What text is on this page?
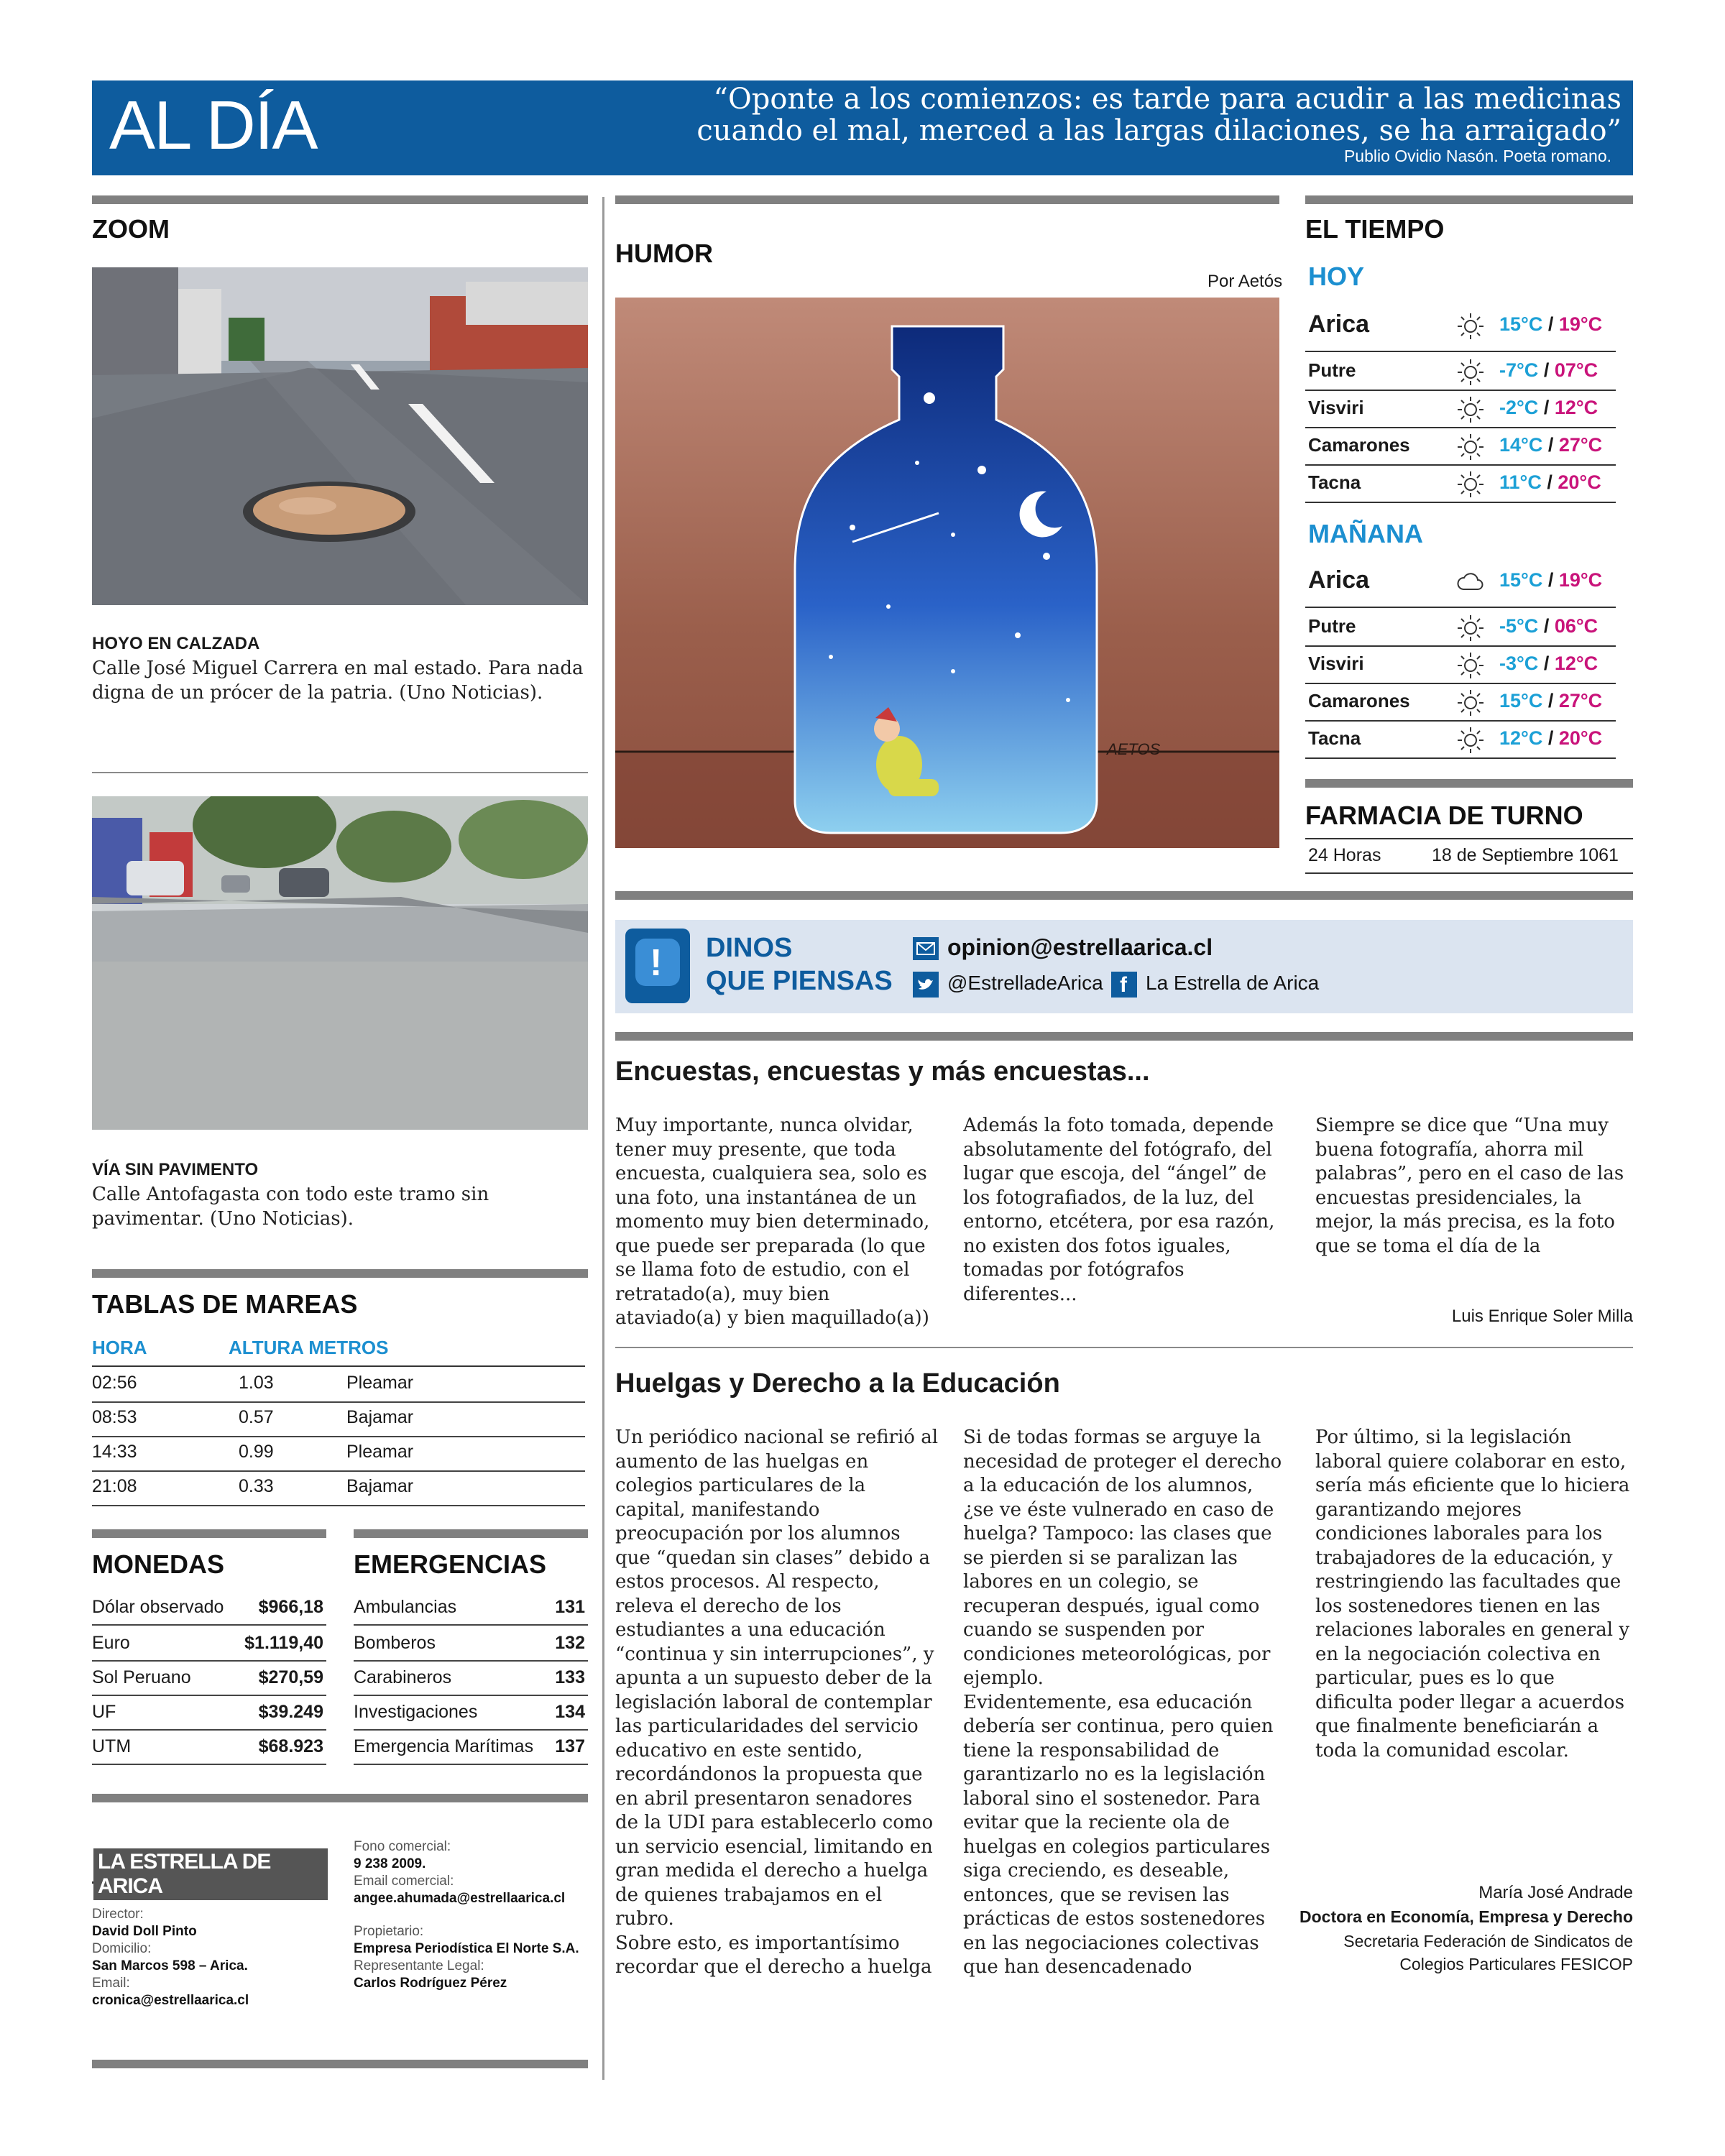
AL DÍA	“Oponte a los comienzos: es tarde para acudir a las medicinas cuando el mal, merced a las largas dilaciones, se ha arraigado”
Publio Ovidio Nasón. Poeta romano.
ZOOM
HOYO EN CALZADA
Calle José Miguel Carrera en mal estado. Para nada digna de un prócer de la patria. (Uno Noticias).
VÍA SIN PAVIMENTO
Calle Antofagasta con todo este tramo sin pavimentar. (Uno Noticias).
TABLAS DE MAREAS
HORA	ALTURA METROS
02:56	1.03	Pleamar
08:53	0.57	Bajamar
14:33	0.99	Pleamar
21:08	0.33	Bajamar
MONEDAS
Dólar observado $966,18
Euro	$1.119,40
Sol Peruano	$270,59
UF	$39.249
UTM	$68.923
EMERGENCIAS
Ambulancias	131
Bomberos	132
Carabineros	133
Investigaciones	134
Emergencia Marítimas 137
LA ESTRELLA DE ARICA
Director:
David Doll Pinto
Domicilio:
San Marcos 598 – Arica.
Email:
cronica@estrellaarica.cl
Fono comercial:
9 238 2009.
Email comercial:
angee.ahumada@estrellaarica.cl
Propietario:
Empresa Periodística El Norte S.A.
Representante Legal:
Carlos Rodríguez Pérez
HUMOR
Por Aetós
AETOS
EL TIEMPO
HOY
Arica	15°C / 19°C
Putre	-7°C / 07°C
Visviri	-2°C / 12°C
Camarones	14°C / 27°C
Tacna	11°C / 20°C
MAÑANA
Arica	15°C / 19°C
Putre	-5°C / 06°C
Visviri	-3°C / 12°C
Camarones	15°C / 27°C
Tacna	12°C / 20°C
FARMACIA DE TURNO
24 Horas	18 de Septiembre 1061
! DINOS
QUE PIENSAS
opinion@estrellaarica.cl
@EstrelladeArica f La Estrella de Arica
Encuestas, encuestas y más encuestas...
Muy importante, nunca olvidar, tener muy presente, que toda encuesta, cualquiera sea, solo es una foto, una instantánea de un momento muy bien determinado, que puede ser preparada (lo que se llama foto de estudio, con el retratado(a), muy bien ataviado(a) y bien maquillado(a))
Además la foto tomada, depende absolutamente del fotógrafo, del lugar que escoja, del “ángel” de los fotografiados, de la luz, del entorno, etcétera, por esa razón, no existen dos fotos iguales, tomadas por fotógrafos diferentes...
Siempre se dice que “Una muy buena fotografía, ahorra mil palabras”, pero en el caso de las encuestas presidenciales, la mejor, la más precisa, es la foto que se toma el día de la
Luis Enrique Soler Milla
Huelgas y Derecho a la Educación
Un periódico nacional se refirió al aumento de las huelgas en colegios particulares de la capital, manifestando preocupación por los alumnos que “quedan sin clases” debido a estos procesos. Al respecto, releva el derecho de los estudiantes a una educación “continua y sin interrupciones”, y apunta a un supuesto deber de la legislación laboral de contemplar las particularidades del servicio educativo en este sentido, recordándonos la propuesta que en abril presentaron senadores de la UDI para establecerlo como un servicio esencial, limitando en gran medida el derecho a huelga de quienes trabajamos en el rubro.
Sobre esto, es importantísimo recordar que el derecho a huelga
Si de todas formas se arguye la necesidad de proteger el derecho a la educación de los alumnos, ¿se ve éste vulnerado en caso de huelga? Tampoco: las clases que se pierden si se paralizan las labores en un colegio, se recuperan después, igual como cuando se suspenden por condiciones meteorológicas, por ejemplo.
Evidentemente, esa educación debería ser continua, pero quien tiene la responsabilidad de garantizarlo no es la legislación laboral sino el sostenedor. Para evitar que la reciente ola de huelgas en colegios particulares siga creciendo, es deseable, entonces, que se revisen las prácticas de estos sostenedores en las negociaciones colectivas que han desencadenado
Por último, si la legislación laboral quiere colaborar en esto, sería más eficiente que lo hiciera garantizando mejores condiciones laborales para los trabajadores de la educación, y restringiendo las facultades que los sostenedores tienen en las relaciones laborales en general y en la negociación colectiva en particular, pues es lo que dificulta poder llegar a acuerdos que finalmente beneficiarán a toda la comunidad escolar.
María José Andrade
Doctora en Economía, Empresa y Derecho
Secretaria Federación de Sindicatos de
Colegios Particulares FESICOP
